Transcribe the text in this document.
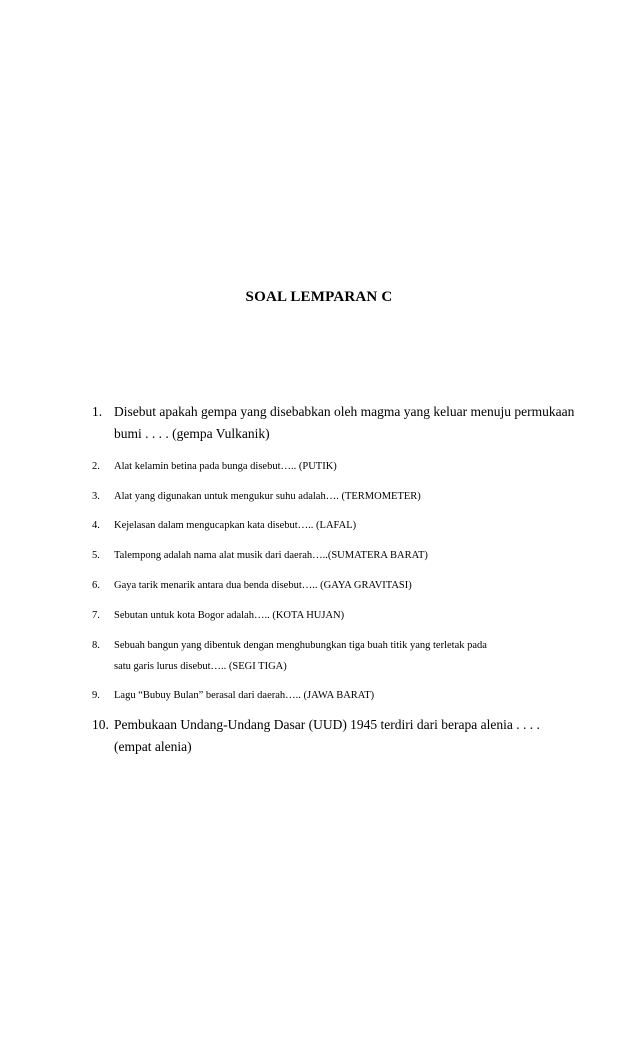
SOAL LEMPARAN C
1. Disebut apakah gempa yang disebabkan oleh magma yang keluar menuju permukaan
bumi . . . . (gempa Vulkanik)
2. Alat kelamin betina pada bunga disebut….. (PUTIK)
3. Alat yang digunakan untuk mengukur suhu adalah…. (TERMOMETER)
4. Kejelasan dalam mengucapkan kata disebut….. (LAFAL)
5. Talempong adalah nama alat musik dari daerah…..(SUMATERA BARAT)
6. Gaya tarik menarik antara dua benda disebut….. (GAYA GRAVITASI)
7. Sebutan untuk kota Bogor adalah….. (KOTA HUJAN)
8. Sebuah bangun yang dibentuk dengan menghubungkan tiga buah titik yang terletak pada
satu garis lurus disebut….. (SEGI TIGA)
9. Lagu “Bubuy Bulan” berasal dari daerah….. (JAWA BARAT)
10. Pembukaan Undang-Undang Dasar (UUD) 1945 terdiri dari berapa alenia . . . .
(empat alenia)
